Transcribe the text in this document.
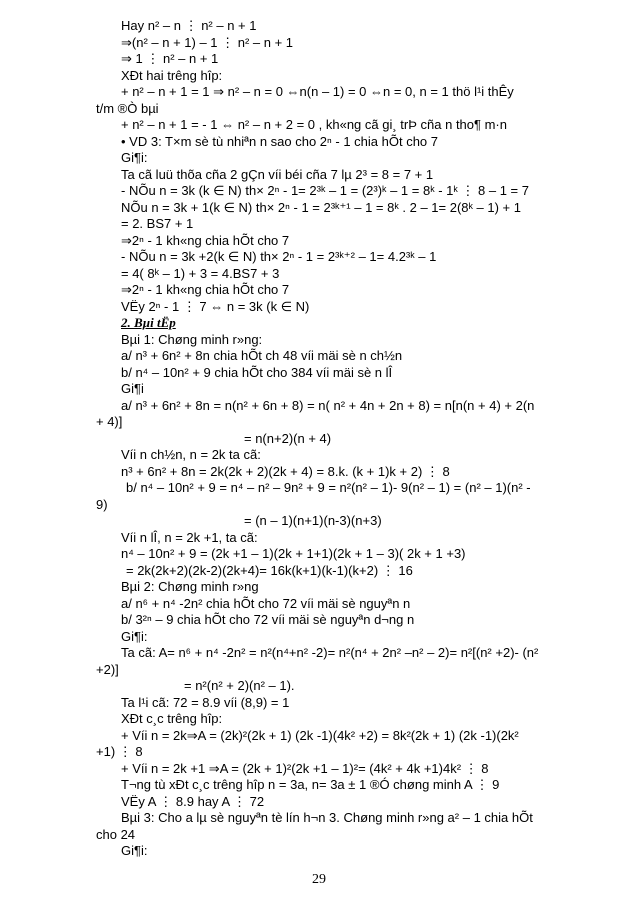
Hay n² – n ⋮ n² – n + 1
⇒(n² – n + 1) – 1 ⋮ n² – n + 1
⇒ 1 ⋮ n² – n + 1
XÐt hai trêng hîp:
+ n² – n + 1 = 1 ⇒ n² – n = 0 ⇔n(n – 1) = 0 ⇔n = 0, n = 1 thö l¹i thÊy
t/m ®Ò bµi
+ n² – n + 1 = - 1 ⇔ n² – n + 2 = 0 , kh«ng cã gi¸ trÞ cña n tho¶ m·n
• VD 3: T×m sè tù nhiªn n sao cho 2ⁿ - 1 chia hÕt cho 7
Gi¶i:
Ta cã luü thõa cña 2 gÇn víi béi cña 7 lµ 2³ = 8 = 7 + 1
- NÕu n = 3k (k ∈ N) th× 2ⁿ - 1= 2³ᵏ – 1 = (2³)ᵏ – 1 = 8ᵏ - 1ᵏ ⋮ 8 – 1 = 7
NÕu n = 3k + 1(k ∈ N) th× 2ⁿ - 1 = 2³ᵏ⁺¹ – 1 = 8ᵏ . 2 – 1= 2(8ᵏ – 1) + 1
= 2. BS7 + 1
⇒2ⁿ - 1 kh«ng chia hÕt cho 7
- NÕu n = 3k +2(k ∈ N) th× 2ⁿ - 1 = 2³ᵏ⁺² – 1= 4.2³ᵏ – 1
= 4( 8ᵏ – 1) + 3 = 4.BS7 + 3
⇒2ⁿ - 1 kh«ng chia hÕt cho 7
VËy 2ⁿ - 1 ⋮ 7 ⇔ n = 3k (k ∈ N)
2. Bµi tËp
Bµi 1: Chøng minh r»ng:
a/ n³ + 6n² + 8n chia hÕt ch 48 víi mäi sè n ch½n
b/ n⁴ – 10n² + 9 chia hÕt cho 384 víi mäi sè n lÎ
Gi¶i
a/ n³ + 6n² + 8n = n(n² + 6n + 8) = n( n² + 4n + 2n + 8) = n[n(n + 4) + 2(n
+ 4)]
= n(n+2)(n + 4)
Víi n ch½n, n = 2k ta cã:
n³ + 6n² + 8n = 2k(2k + 2)(2k + 4) = 8.k. (k + 1)k + 2) ⋮ 8
b/ n⁴ – 10n² + 9 = n⁴ – n² – 9n² + 9 = n²(n² – 1)- 9(n² – 1) = (n² – 1)(n² -
9)
= (n – 1)(n+1)(n-3)(n+3)
Víi n lÎ, n = 2k +1, ta cã:
n⁴ – 10n² + 9 = (2k +1 – 1)(2k + 1+1)(2k + 1 – 3)( 2k + 1 +3)
= 2k(2k+2)(2k-2)(2k+4)= 16k(k+1)(k-1)(k+2) ⋮ 16
Bµi 2: Chøng minh r»ng
a/ n⁶ + n⁴ -2n² chia hÕt cho 72 víi mäi sè nguyªn n
b/ 3²ⁿ – 9 chia hÕt cho 72 víi mäi sè nguyªn d¬ng n
Gi¶i:
Ta cã: A= n⁶ + n⁴ -2n² = n²(n⁴+n² -2)= n²(n⁴ + 2n² –n² – 2)= n²[(n² +2)- (n²
+2)]
= n²(n² + 2)(n² – 1).
Ta l¹i cã: 72 = 8.9 víi (8,9) = 1
XÐt c¸c trêng hîp:
+ Víi n = 2k⇒A = (2k)²(2k + 1) (2k -1)(4k² +2) = 8k²(2k + 1) (2k -1)(2k²
+1) ⋮ 8
+ Víi n = 2k +1 ⇒A = (2k + 1)²(2k +1 – 1)²= (4k² + 4k +1)4k² ⋮ 8
T¬ng tù xÐt c¸c trêng hîp n = 3a, n= 3a ± 1 ®Ó chøng minh A ⋮ 9
VËy A ⋮ 8.9 hay A ⋮ 72
Bµi 3: Cho a lµ sè nguyªn tè lín h¬n 3. Chøng minh r»ng a² – 1 chia hÕt
cho 24
Gi¶i:
29
